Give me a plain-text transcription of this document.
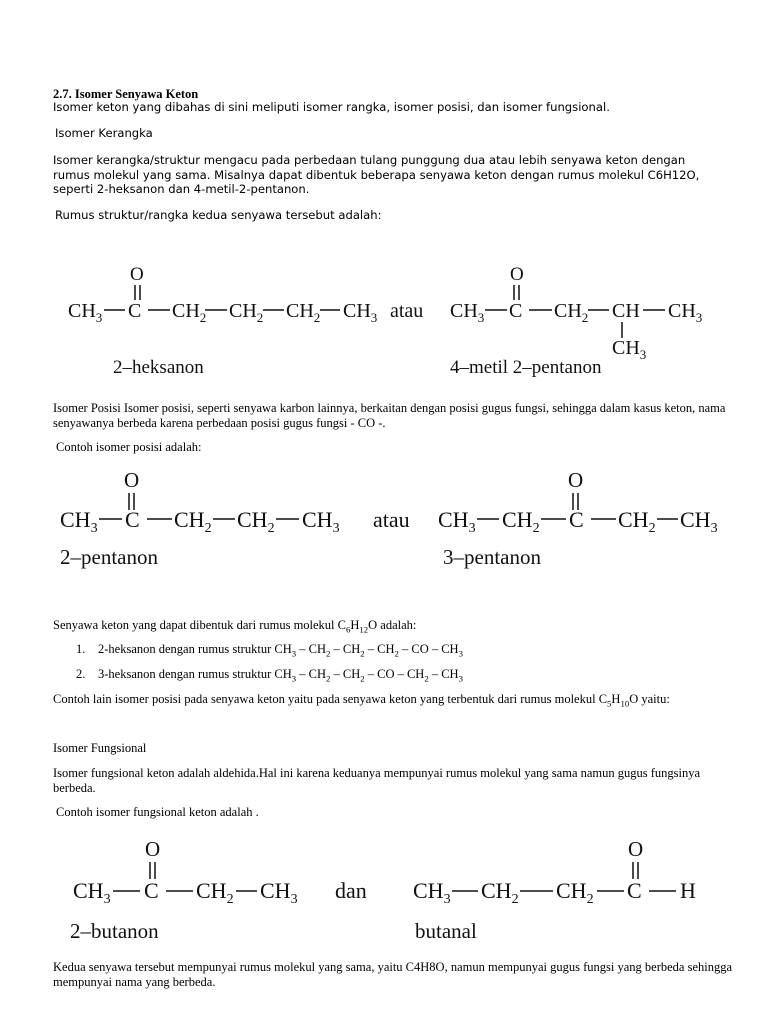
2.7. Isomer Senyawa Keton
Isomer keton yang dibahas di sini meliputi isomer rangka, isomer posisi, dan isomer fungsional.
Isomer Kerangka
Isomer kerangka/struktur mengacu pada perbedaan tulang punggung dua atau lebih senyawa keton dengan rumus molekul yang sama. Misalnya dapat dibentuk beberapa senyawa keton dengan rumus molekul C6H12O, seperti 2-heksanon dan 4-metil-2-pentanon.
Rumus struktur/rangka kedua senyawa tersebut adalah:
O
$CH_3$ C $CH_2$ $CH_2$ $CH_2$ $CH_3$ atau
2–heksanon
O
$CH_3$ C $CH_2$ CH $CH_3$
$CH_3$
4–metil 2–pentanon
Isomer Posisi Isomer posisi, seperti senyawa karbon lainnya, berkaitan dengan posisi gugus fungsi, sehingga dalam kasus keton, nama senyawanya berbeda karena perbedaan posisi gugus fungsi - CO -.
Contoh isomer posisi adalah:
O
$CH_3$ C $CH_2$ $CH_2$ $CH_3$ atau
2–pentanon
O
$CH_3$ $CH_2$ C $CH_2$ $CH_3$
3–pentanon
Senyawa keton yang dapat dibentuk dari rumus molekul $C_6H_{12}O$ adalah:
1. 2-heksanon dengan rumus struktur $CH_3 - CH_2 - CH_2 - CH_2$ – CO – $CH_3$
2. 3-heksanon dengan rumus struktur $CH_3 - CH_2 - CH_2$ – CO – $CH_2 - CH_3$
Contoh lain isomer posisi pada senyawa keton yaitu pada senyawa keton yang terbentuk dari rumus molekul $C_5H_{10}O$ yaitu:
Isomer Fungsional
Isomer fungsional keton adalah aldehida.Hal ini karena keduanya mempunyai rumus molekul yang sama namun gugus fungsinya berbeda.
Contoh isomer fungsional keton adalah .
O
$CH_3$ C $CH_2$ $CH_3$ dan
2–butanon
O
$CH_3$ $CH_2$ $CH_2$ C H
butanal
Kedua senyawa tersebut mempunyai rumus molekul yang sama, yaitu C4H8O, namun mempunyai gugus fungsi yang berbeda sehingga mempunyai nama yang berbeda.
